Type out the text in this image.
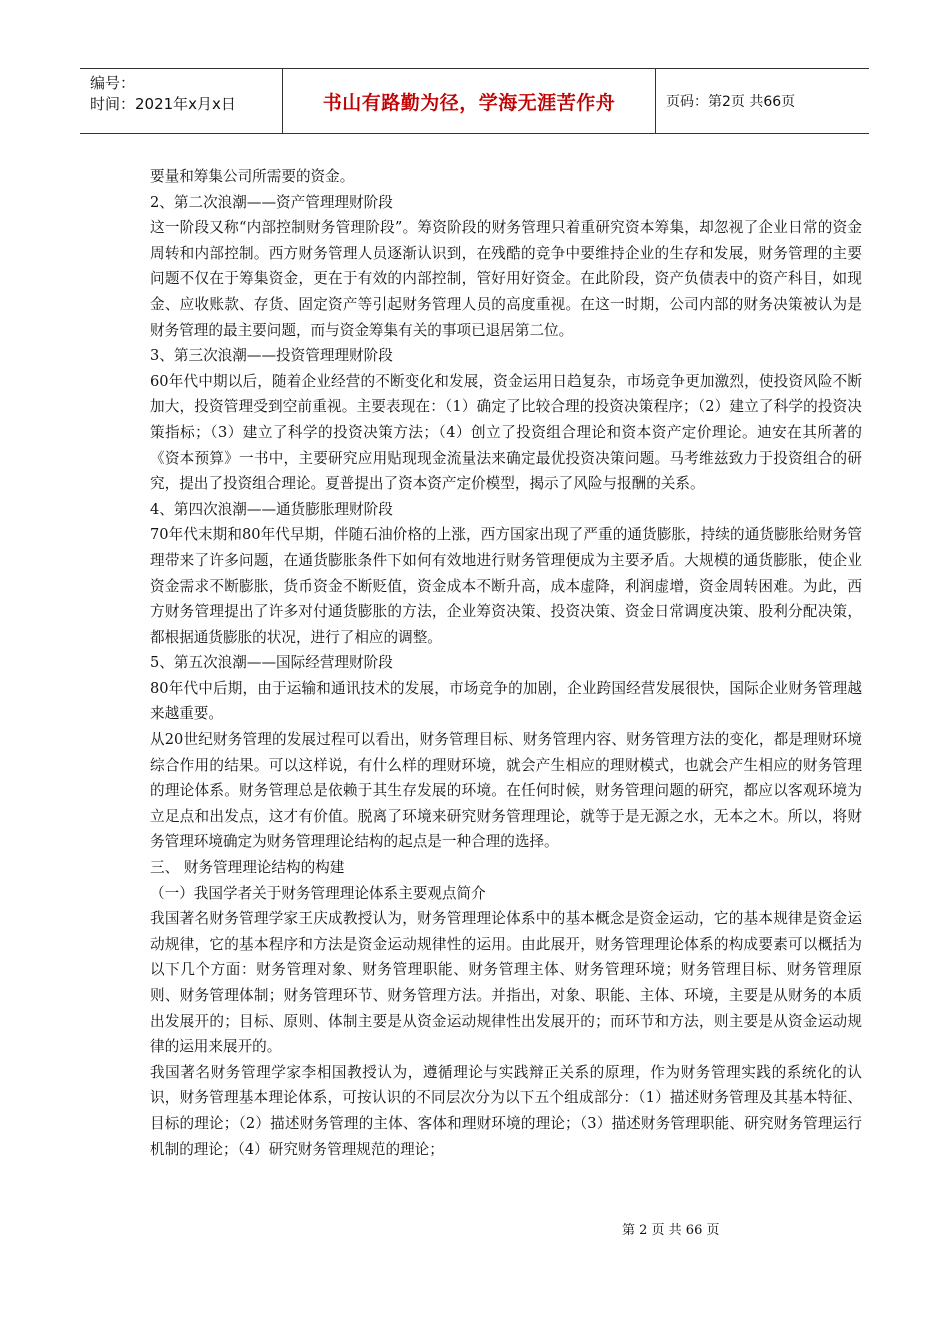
编号：
时间：2021年x月x日	书山有路勤为径，学海无涯苦作舟	页码：第2页 共66页

要量和筹集公司所需要的资金。

2、第二次浪潮——资产管理理财阶段

这一阶段又称“内部控制财务管理阶段”。筹资阶段的财务管理只着重研究资本筹集，却忽视了企业日常的资金周转和内部控制。西方财务管理人员逐渐认识到，在残酷的竞争中要维持企业的生存和发展，财务管理的主要问题不仅在于筹集资金，更在于有效的内部控制，管好用好资金。在此阶段，资产负债表中的资产科目，如现金、应收账款、存货、固定资产等引起财务管理人员的高度重视。在这一时期，公司内部的财务决策被认为是财务管理的最主要问题，而与资金筹集有关的事项已退居第二位。

3、第三次浪潮——投资管理理财阶段

60年代中期以后，随着企业经营的不断变化和发展，资金运用日趋复杂，市场竞争更加激烈，使投资风险不断加大，投资管理受到空前重视。主要表现在：（1）确定了比较合理的投资决策程序；（2）建立了科学的投资决策指标；（3）建立了科学的投资决策方法；（4）创立了投资组合理论和资本资产定价理论。迪安在其所著的《资本预算》一书中，主要研究应用贴现现金流量法来确定最优投资决策问题。马考维兹致力于投资组合的研究，提出了投资组合理论。夏普提出了资本资产定价模型，揭示了风险与报酬的关系。

4、第四次浪潮——通货膨胀理财阶段

70年代末期和80年代早期，伴随石油价格的上涨，西方国家出现了严重的通货膨胀，持续的通货膨胀给财务管理带来了许多问题，在通货膨胀条件下如何有效地进行财务管理便成为主要矛盾。大规模的通货膨胀，使企业资金需求不断膨胀，货币资金不断贬值，资金成本不断升高，成本虚降，利润虚增，资金周转困难。为此，西方财务管理提出了许多对付通货膨胀的方法，企业筹资决策、投资决策、资金日常调度决策、股利分配决策，都根据通货膨胀的状况，进行了相应的调整。

5、第五次浪潮——国际经营理财阶段

80年代中后期，由于运输和通讯技术的发展，市场竞争的加剧，企业跨国经营发展很快，国际企业财务管理越来越重要。

从20世纪财务管理的发展过程可以看出，财务管理目标、财务管理内容、财务管理方法的变化，都是理财环境综合作用的结果。可以这样说，有什么样的理财环境，就会产生相应的理财模式，也就会产生相应的财务管理的理论体系。财务管理总是依赖于其生存发展的环境。在任何时候，财务管理问题的研究，都应以客观环境为立足点和出发点，这才有价值。脱离了环境来研究财务管理理论，就等于是无源之水，无本之木。所以，将财务管理环境确定为财务管理理论结构的起点是一种合理的选择。

三、 财务管理理论结构的构建

（一）我国学者关于财务管理理论体系主要观点简介

我国著名财务管理学家王庆成教授认为，财务管理理论体系中的基本概念是资金运动，它的基本规律是资金运动规律，它的基本程序和方法是资金运动规律性的运用。由此展开，财务管理理论体系的构成要素可以概括为以下几个方面：财务管理对象、财务管理职能、财务管理主体、财务管理环境；财务管理目标、财务管理原则、财务管理体制；财务管理环节、财务管理方法。并指出，对象、职能、主体、环境，主要是从财务的本质出发展开的；目标、原则、体制主要是从资金运动规律性出发展开的；而环节和方法，则主要是从资金运动规律的运用来展开的。

我国著名财务管理学家李相国教授认为，遵循理论与实践辩正关系的原理，作为财务管理实践的系统化的认识，财务管理基本理论体系，可按认识的不同层次分为以下五个组成部分：（1）描述财务管理及其基本特征、目标的理论；（2）描述财务管理的主体、客体和理财环境的理论；（3）描述财务管理职能、研究财务管理运行机制的理论；（4）研究财务管理规范的理论；

第 2 页 共 66 页
